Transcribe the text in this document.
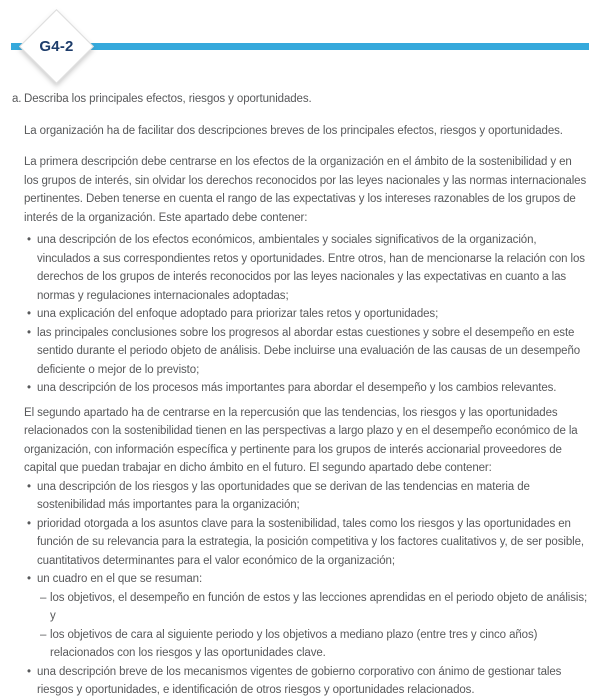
G4-2
a. Describa los principales efectos, riesgos y oportunidades.

La organización ha de facilitar dos descripciones breves de los principales efectos, riesgos y oportunidades.

La primera descripción debe centrarse en los efectos de la organización en el ámbito de la sostenibilidad y en los grupos de interés, sin olvidar los derechos reconocidos por las leyes nacionales y las normas internacionales pertinentes. Deben tenerse en cuenta el rango de las expectativas y los intereses razonables de los grupos de interés de la organización. Este apartado debe contener:

• una descripción de los efectos económicos, ambientales y sociales significativos de la organización, vinculados a sus correspondientes retos y oportunidades. Entre otros, han de mencionarse la relación con los derechos de los grupos de interés reconocidos por las leyes nacionales y las expectativas en cuanto a las normas y regulaciones internacionales adoptadas;
• una explicación del enfoque adoptado para priorizar tales retos y oportunidades;
• las principales conclusiones sobre los progresos al abordar estas cuestiones y sobre el desempeño en este sentido durante el periodo objeto de análisis. Debe incluirse una evaluación de las causas de un desempeño deficiente o mejor de lo previsto;
• una descripción de los procesos más importantes para abordar el desempeño y los cambios relevantes.

El segundo apartado ha de centrarse en la repercusión que las tendencias, los riesgos y las oportunidades relacionados con la sostenibilidad tienen en las perspectivas a largo plazo y en el desempeño económico de la organización, con información específica y pertinente para los grupos de interés accionarial proveedores de capital que puedan trabajar en dicho ámbito en el futuro. El segundo apartado debe contener:

• una descripción de los riesgos y las oportunidades que se derivan de las tendencias en materia de sostenibilidad más importantes para la organización;
• prioridad otorgada a los asuntos clave para la sostenibilidad, tales como los riesgos y las oportunidades en función de su relevancia para la estrategia, la posición competitiva y los factores cualitativos y, de ser posible, cuantitativos determinantes para el valor económico de la organización;
• un cuadro en el que se resuman:
– los objetivos, el desempeño en función de estos y las lecciones aprendidas en el periodo objeto de análisis; y
– los objetivos de cara al siguiente periodo y los objetivos a mediano plazo (entre tres y cinco años) relacionados con los riesgos y las oportunidades clave.
• una descripción breve de los mecanismos vigentes de gobierno corporativo con ánimo de gestionar tales riesgos y oportunidades, e identificación de otros riesgos y oportunidades relacionados.
